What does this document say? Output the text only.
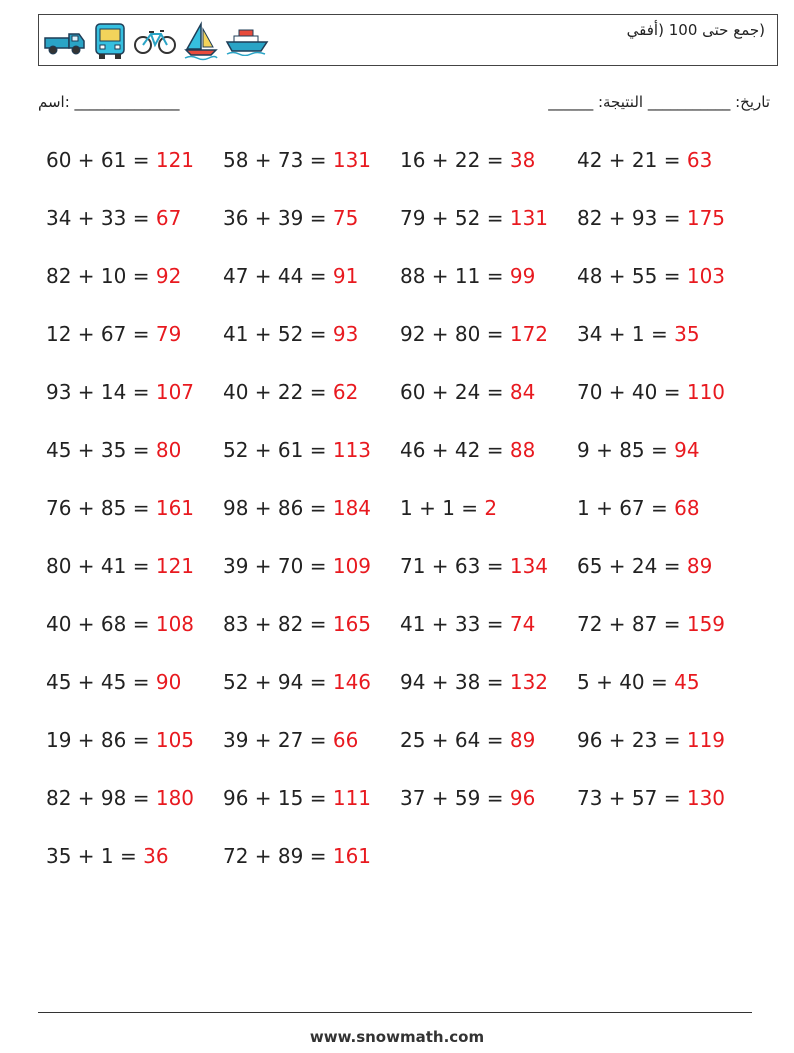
(جمع حتى 100 (أفقي
اسم: ______________	______ :تاريخ: ___________ النتيجة
60 + 61 = 121	58 + 73 = 131	16 + 22 = 38	42 + 21 = 63
34 + 33 = 67	36 + 39 = 75	79 + 52 = 131	82 + 93 = 175
82 + 10 = 92	47 + 44 = 91	88 + 11 = 99	48 + 55 = 103
12 + 67 = 79	41 + 52 = 93	92 + 80 = 172	34 + 1 = 35
93 + 14 = 107	40 + 22 = 62	60 + 24 = 84	70 + 40 = 110
45 + 35 = 80	52 + 61 = 113	46 + 42 = 88	9 + 85 = 94
76 + 85 = 161	98 + 86 = 184	1 + 1 = 2	1 + 67 = 68
80 + 41 = 121	39 + 70 = 109	71 + 63 = 134	65 + 24 = 89
40 + 68 = 108	83 + 82 = 165	41 + 33 = 74	72 + 87 = 159
45 + 45 = 90	52 + 94 = 146	94 + 38 = 132	5 + 40 = 45
19 + 86 = 105	39 + 27 = 66	25 + 64 = 89	96 + 23 = 119
82 + 98 = 180	96 + 15 = 111	37 + 59 = 96	73 + 57 = 130
35 + 1 = 36	72 + 89 = 161
www.snowmath.com
